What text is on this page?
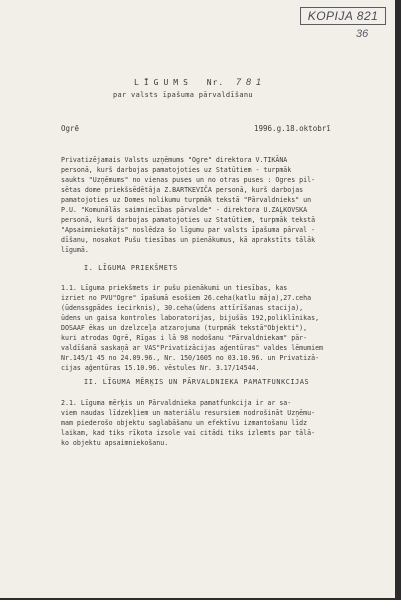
KOPIJA 821
36
LĪGUMS Nr. 781
par valsts īpašuma pārvaldīšanu
Ogrē	1996.g.18.oktobrī

Privatizējamais Valsts uzņēmums "Ogre" direktora V.TIKĀNA

personā, kurš darbojas pamatojoties uz Statūtiem - turpmāk

saukts "Uzņēmums" no vienas puses un no otras puses : Ogres pil-

sētas dome priekšsēdētāja Z.BARTKEVIČA personā, kurš darbojas

pamatojoties uz Domes nolikumu turpmāk tekstā "Pārvaldnieks" un

P.U. "Komunālās saimniecības pārvalde" - direktora U.ZAĻKOVSKA

personā, kurš darbojas pamatojoties uz Statūtiem, turpmāk tekstā

"Apsaimniekotājs" noslēdza šo līgumu par valsts īpašuma pārval -

dīšanu, nosakot Pušu tiesības un pienākumus, kā aprakstīts tālāk

līgumā.

I. LĪGUMA PRIEKŠMETS

1.1. Līguma priekšmets ir pušu pienākumi un tiesības, kas

izriet no PVU"Ogre" īpašumā esošiem 26.ceha(katlu māja),27.ceha

(ūdenssgpādes iecirknis), 30.ceha(ūdens attīrīšanas stacija),

ūdens un gaisa kontroles laboratorijas, bijušās 192,poliklīnikas,

DOSAAF ēkas un dzelzceļa atzarojuma (turpmāk tekstā"Objekti"),

kuri atrodas Ogrē, Rīgas i lā 98 nodošanu "Pārvaldniekam" pār-

valdīšanā saskaņā ar VAS"Privatizācijas aģentūras" valdes lēmumiem

Nr.145/1 45 no 24.09.96., Nr. 150/1605 no 03.10.96. un Privatizā-

cijas aģentūras 15.10.96. vēstules Nr. 3.17/14544.

II. LĪGUMA MĒRĶIS UN PĀRVALDNIEKA PAMATFUNKCIJAS

2.1. Līguma mērķis un Pārvaldnieka pamatfunkcija ir ar sa-

viem naudas līdzekļiem un materiālu resursiem nodrošināt Uzņēmu-

mam piederošo objektu saglabāšanu un efektīvu izmantošanu līdz

laikam, kad tiks rīkota izsole vai citādi tiks izlemts par tālā-

ko objektu apsaimniekošanu.
